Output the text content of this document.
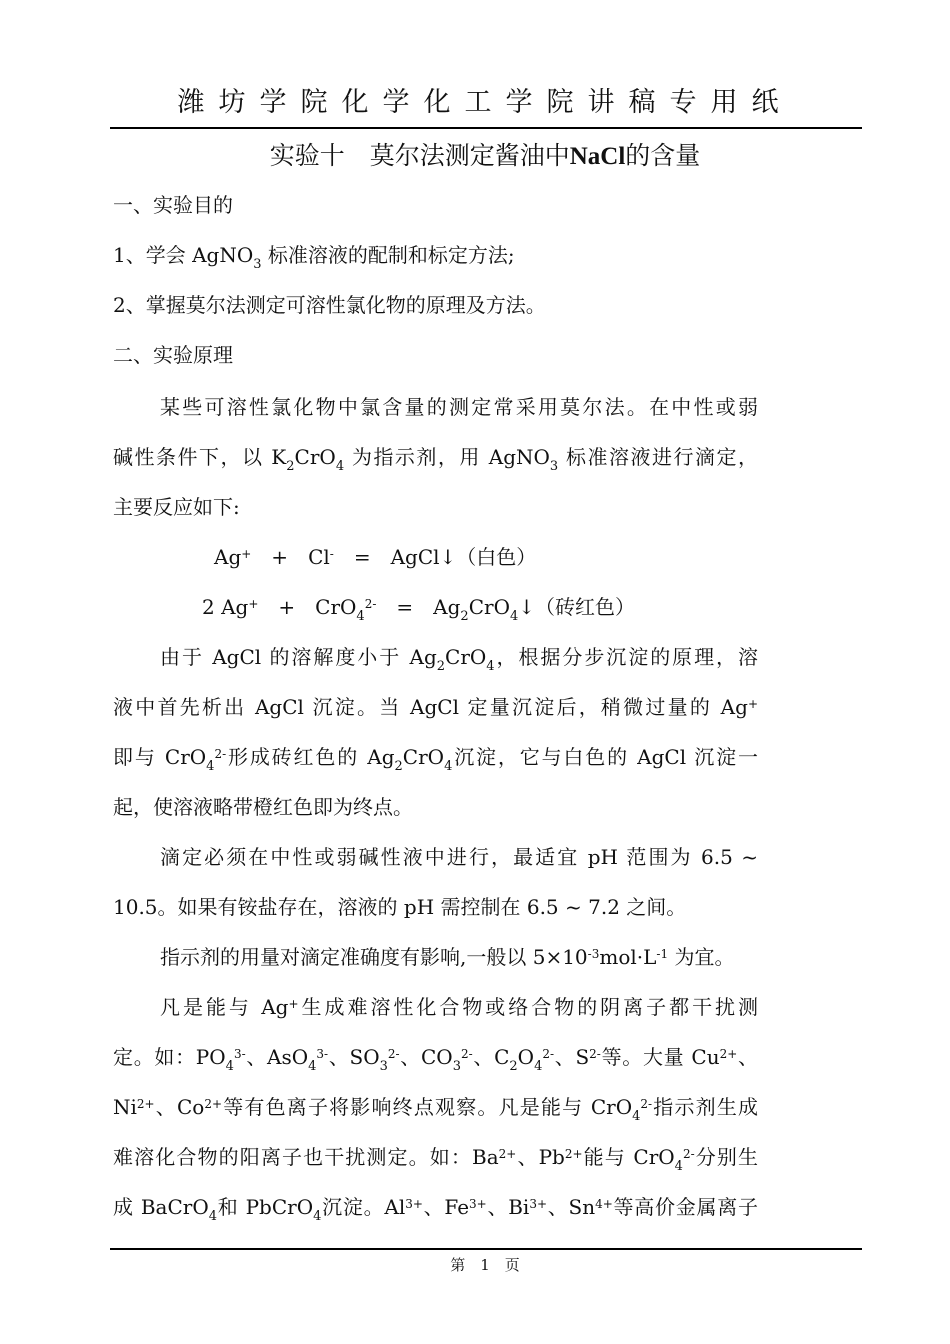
潍坊学院化学化工学院讲稿专用纸
实验十　莫尔法测定酱油中NaCl的含量
一、实验目的
1、学会 AgNO$_3$ 标准溶液的配制和标定方法;
2、掌握莫尔法测定可溶性氯化物的原理及方法。
二、实验原理
某些可溶性氯化物中氯含量的测定常采用莫尔法。在中性或弱
碱性条件下，以 $K_2CrO_4$ 为指示剂，用 AgNO$_3$ 标准溶液进行滴定，
主要反应如下:
Ag+　+　Cl-　=　AgCl↓（白色）
2 Ag+　+　CrO$_4^{2-}$　=　$Ag_2CrO_4↓$（砖红色）
由于 AgCl 的溶解度小于 $Ag_2CrO_4$，根据分步沉淀的原理，溶
液中首先析出 AgCl 沉淀。当 AgCl 定量沉淀后，稍微过量的 Ag+
即与 CrO$_4^{2-}$形成砖红色的 $Ag_2CrO_4$沉淀，它与白色的 AgCl 沉淀一
起，使溶液略带橙红色即为终点。
滴定必须在中性或弱碱性液中进行，最适宜 pH 范围为 6.5 ~
10.5。如果有铵盐存在，溶液的 pH 需控制在 6.5 ~ 7.2 之间。
指示剂的用量对滴定准确度有影响,一般以 $5\times 10^{-3}mol\cdot L^{-1}$ 为宜。
凡是能与 Ag+生成难溶性化合物或络合物的阴离子都干扰测
定。如：$PO_4^{3-}$、AsO$_4^{3-}$、$SO_3^{2-}$、$CO_3^{2-}$、$C_2O_4^{2-}$、$S^{2-}$等。大量 $Cu^{2+}$、
$Ni^{2+}$、$Co^{2+}$等有色离子将影响终点观察。凡是能与 CrO$_4^{2-}$指示剂生成
难溶化合物的阳离子也干扰测定。如：$Ba^{2+}$、$Pb^{2+}$能与 CrO$_4^{2-}$分别生
成 BaCrO$_4$和 PbCrO$_4$沉淀。$Al^{3+}$、$Fe^{3+}$、$Bi^{3+}$、$Sn^{4+}$等高价金属离子
第　1　页
